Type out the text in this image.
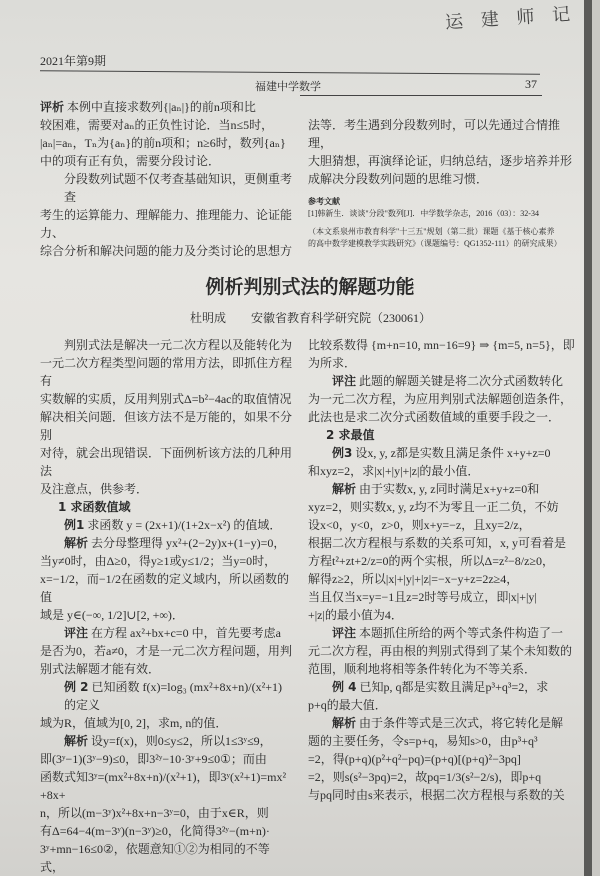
运 建 师 记
2021年第9期
福建中学数学	37
评析 本例中直接求数列{|aₙ|}的前n项和比
较困难，需要对aₙ的正负性讨论．当n≤5时，
|aₙ|=aₙ，Tₙ为{aₙ}的前n项和；n≥6时，数列{aₙ}
中的项有正有负，需要分段讨论．
分段数列试题不仅考查基础知识，更侧重考查
考生的运算能力、理解能力、推理能力、论证能力、
综合分析和解决问题的能力及分类讨论的思想方
法等．考生遇到分段数列时，可以先通过合情推理，
大胆猜想，再演绎论证，归纳总结，逐步培养并形
成解决分段数列问题的思维习惯．
参考文献
[1]韩新生．谈谈"分段"数列[J]．中学数学杂志，2016（03）：32-34
（本文系泉州市教育科学"十三五"规划（第二批）课题《基于核心素养
的高中数学建模教学实践研究》（课题编号：QG1352-111）的研究成果）
例析判别式法的解题功能
杜明成 安徽省教育科学研究院（230061）
判别式法是解决一元二次方程以及能转化为
一元二次方程类型问题的常用方法，即抓住方程有
实数解的实质，反用判别式Δ=b²−4ac的取值情况
解决相关问题．但该方法不是万能的，如果不分别
对待，就会出现错误．下面例析该方法的几种用法
及注意点，供参考．
1 求函数值域
例1 求函数 y = (2x+1)/(1+2x−x²) 的值域．
解析 去分母整理得 yx²+(2−2y)x+(1−y)=0，
当y≠0时，由Δ≥0，得y≥1或y≤1/2；当y=0时，
x=−1/2，而−1/2在函数的定义域内，所以函数的值
域是 y∈(−∞, 1/2]∪[2, +∞)．
评注 在方程 ax²+bx+c=0 中，首先要考虑a
是否为0，若a≠0，才是一元二次方程问题，用判
别式法解题才能有效．
例 2 已知函数 f(x)=log₃ (mx²+8x+n)/(x²+1) 的定义
域为R，值域为[0, 2]，求m, n的值．
解析 设y=f(x)，则0≤y≤2，所以1≤3ʸ≤9，
即(3ʸ−1)(3ʸ−9)≤0，即3²ʸ−10·3ʸ+9≤0①；而由
函数式知3ʸ=(mx²+8x+n)/(x²+1)，即3ʸ(x²+1)=mx²+8x+
n，所以(m−3ʸ)x²+8x+n−3ʸ=0，由于x∈R，则
有Δ=64−4(m−3ʸ)(n−3ʸ)≥0，化简得3²ʸ−(m+n)·
3ʸ+mn−16≤0②，依题意知①②为相同的不等式，
比较系数得 {m+n=10, mn−16=9} ⇒ {m=5, n=5}，即为所求．
评注 此题的解题关键是将二次分式函数转化
为一元二次方程，为应用判别式法解题创造条件，
此法也是求二次分式函数值域的重要手段之一．
2 求最值
例3 设x, y, z都是实数且满足条件 x+y+z=0
和xyz=2，求|x|+|y|+|z|的最小值．
解析 由于实数x, y, z同时满足x+y+z=0和
xyz=2，则实数x, y, z均不为零且一正二负，不妨
设x<0，y<0，z>0，则x+y=−z，且xy=2/z，
根据二次方程根与系数的关系可知，x, y可看着是
方程t²+zt+2/z=0的两个实根，所以Δ=z²−8/z≥0，
解得z≥2，所以|x|+|y|+|z|=−x−y+z=2z≥4，
当且仅当x=y=−1且z=2时等号成立，即|x|+|y|
+|z|的最小值为4．
评注 本题抓住所给的两个等式条件构造了一
元二次方程，再由根的判别式得到了某个未知数的
范围，顺利地将相等条件转化为不等关系．
例 4 已知p, q都是实数且满足p³+q³=2，求
p+q的最大值．
解析 由于条件等式是三次式，将它转化是解
题的主要任务，令s=p+q，易知s>0，由p³+q³
=2，得(p+q)(p²+q²−pq)=(p+q)[(p+q)²−3pq]
=2，则s(s²−3pq)=2，故pq=1/3(s²−2/s)，即p+q
与pq同时由s来表示，根据二次方程根与系数的关
